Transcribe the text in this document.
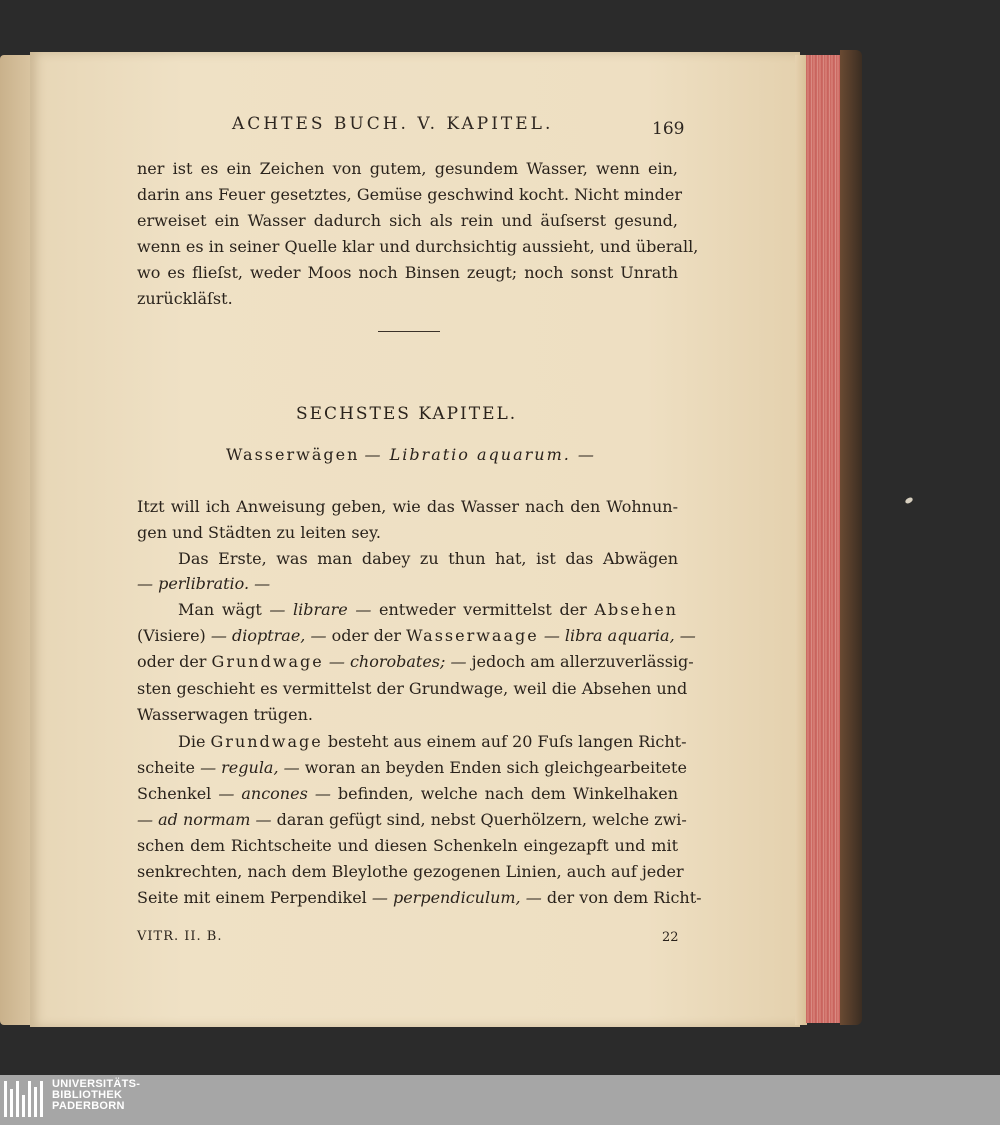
ACHTES BUCH. V. KAPITEL.	169
ner ist es ein Zeichen von gutem, gesundem Wasser, wenn ein,
darin ans Feuer gesetztes, Gemüse geschwind kocht. Nicht minder
erweiset ein Wasser dadurch sich als rein und äuſserst gesund,
wenn es in seiner Quelle klar und durchsichtig aussieht, und überall,
wo es flieſst, weder Moos noch Binsen zeugt; noch sonst Unrath
zurückläſst.
SECHSTES KAPITEL.
Wasserwägen — Libratio aquarum. —
Itzt will ich Anweisung geben, wie das Wasser nach den Wohnun-
gen und Städten zu leiten sey.
Das Erste, was man dabey zu thun hat, ist das Abwägen
— perlibratio. —
Man wägt — librare — entweder vermittelst der Absehen
(Visiere) — dioptrae, — oder der Wasserwaage — libra aquaria, —
oder der Grundwage — chorobates; — jedoch am allerzuverlässig-
sten geschieht es vermittelst der Grundwage, weil die Absehen und
Wasserwagen trügen.
Die Grundwage besteht aus einem auf 20 Fuſs langen Richt-
scheite — regula, — woran an beyden Enden sich gleichgearbeitete
Schenkel — ancones — befinden, welche nach dem Winkelhaken
— ad normam — daran gefügt sind, nebst Querhölzern, welche zwi-
schen dem Richtscheite und diesen Schenkeln eingezapft und mit
senkrechten, nach dem Bleylothe gezogenen Linien, auch auf jeder
Seite mit einem Perpendikel — perpendiculum, — der von dem Richt-
VITR. II. B.	22
UNIVERSITÄTS-
BIBLIOTHEK
PADERBORN
